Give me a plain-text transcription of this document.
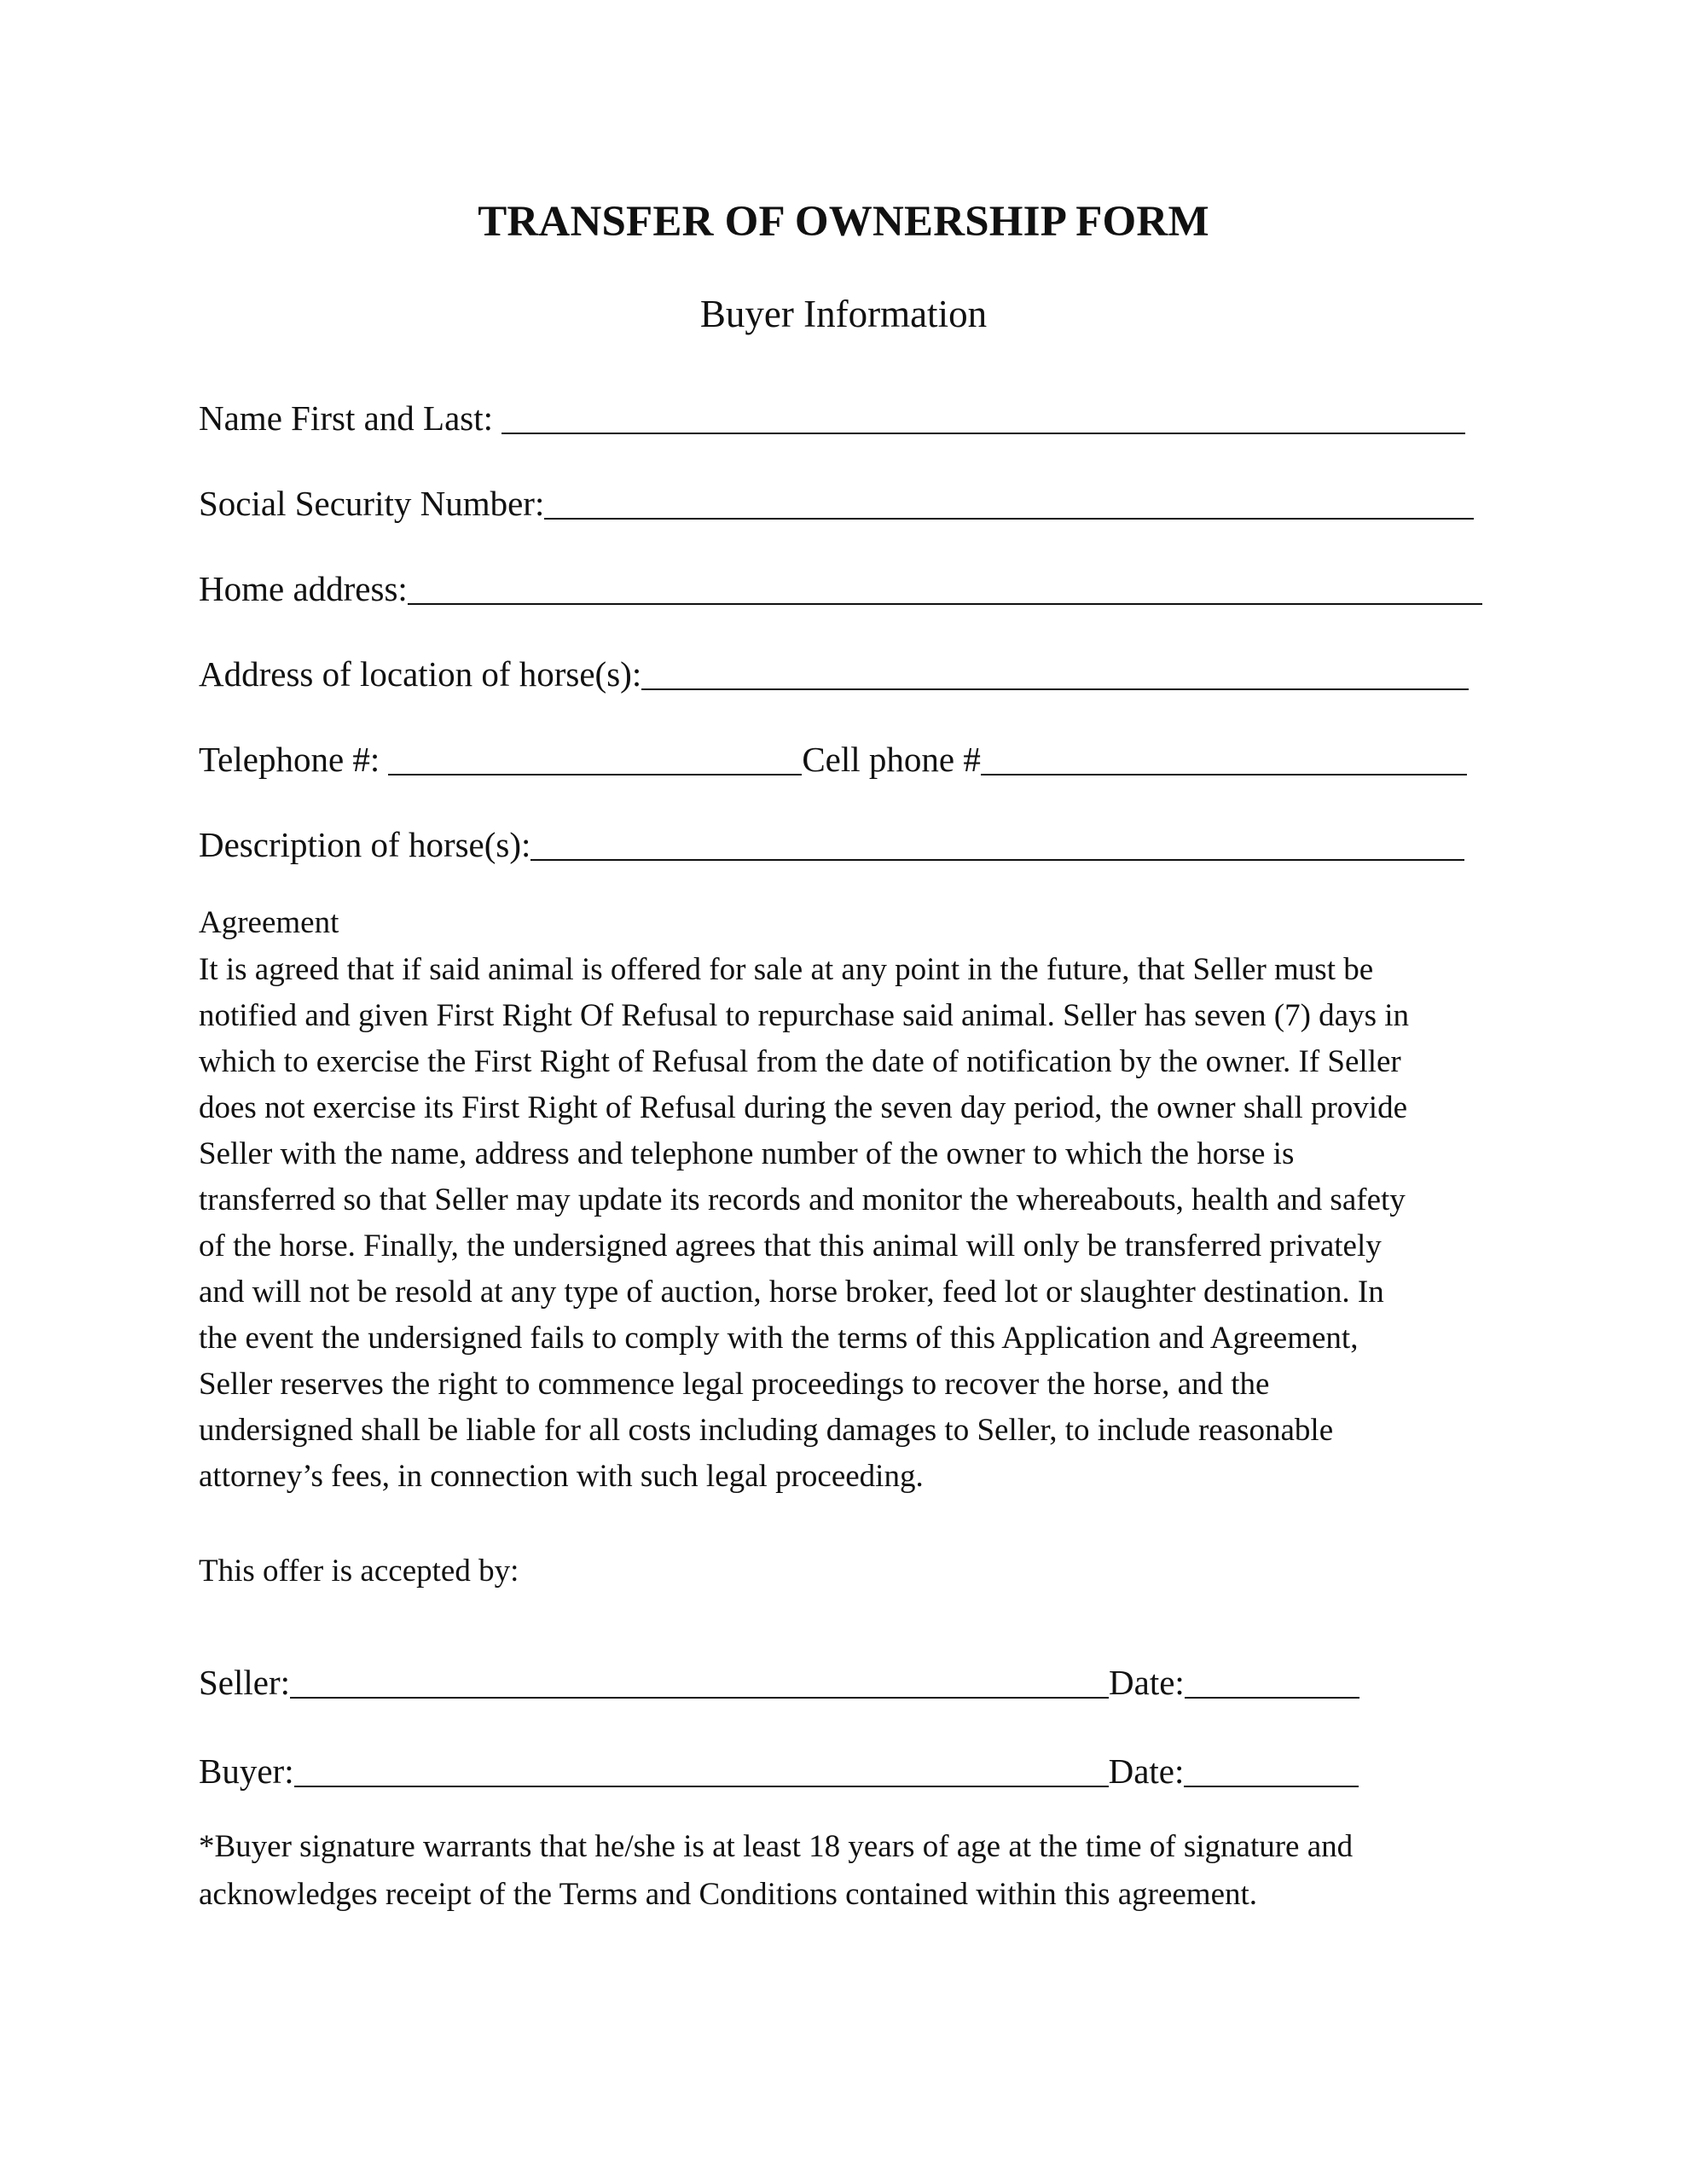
TRANSFER OF OWNERSHIP FORM
Buyer Information
Name First and Last:
Social Security Number:
Home address:
Address of location of horse(s):
Telephone #:	Cell phone #
Description of horse(s):
Agreement
It is agreed that if said animal is offered for sale at any point in the future, that Seller must be
notified and given First Right Of Refusal to repurchase said animal. Seller has seven (7) days in
which to exercise the First Right of Refusal from the date of notification by the owner. If Seller
does not exercise its First Right of Refusal during the seven day period, the owner shall provide
Seller with the name, address and telephone number of the owner to which the horse is
transferred so that Seller may update its records and monitor the whereabouts, health and safety
of the horse. Finally, the undersigned agrees that this animal will only be transferred privately
and will not be resold at any type of auction, horse broker, feed lot or slaughter destination. In
the event the undersigned fails to comply with the terms of this Application and Agreement,
Seller reserves the right to commence legal proceedings to recover the horse, and the
undersigned shall be liable for all costs including damages to Seller, to include reasonable
attorney’s fees, in connection with such legal proceeding.
This offer is accepted by:
Seller:	Date:
Buyer:	Date:
*Buyer signature warrants that he/she is at least 18 years of age at the time of signature and
acknowledges receipt of the Terms and Conditions contained within this agreement.
